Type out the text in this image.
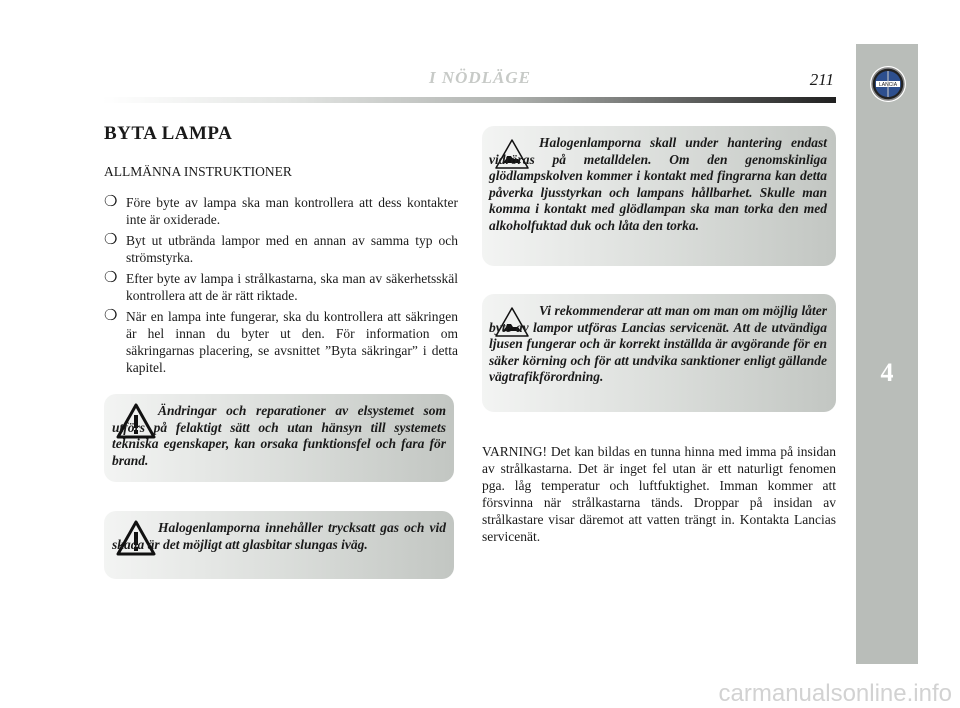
LANCIA
4
I NÖDLÄGE	211
BYTA LAMPA
ALLMÄNNA INSTRUKTIONER
❍ Före byte av lampa ska man kontrollera att dess kontakter inte är oxiderade.
❍ Byt ut utbrända lampor med en annan av samma typ och strömstyrka.
❍ Efter byte av lampa i strålkastarna, ska man av säkerhetsskäl kontrollera att de är rätt riktade.
❍ När en lampa inte fungerar, ska du kontrollera att säkringen är hel innan du byter ut den. För information om säkringarnas placering, se avsnittet ”Byta säkringar” i detta kapitel.
Ändringar och reparationer av elsystemet som utförs på felaktigt sätt och utan hänsyn till systemets tekniska egenskaper, kan orsaka funktionsfel och fara för brand.
Halogenlamporna innehåller trycksatt gas och vid skada är det möjligt att glasbitar slungas iväg.
Halogenlamporna skall under hantering endast vidröras på metalldelen. Om den genomskinliga glödlampskolven kommer i kontakt med fingrarna kan detta påverka ljusstyrkan och lampans hållbarhet. Skulle man komma i kontakt med glödlampan ska man torka den med alkoholfuktad duk och låta den torka.
Vi rekommenderar att man om man om möjlig låter byte av lampor utföras Lancias servicenät. Att de utvändiga ljusen fungerar och är korrekt inställda är avgörande för en säker körning och för att undvika sanktioner enligt gällande vägtrafikförordning.
VARNING! Det kan bildas en tunna hinna med imma på insidan av strålkastarna. Det är inget fel utan är ett naturligt fenomen pga. låg temperatur och luftfuktighet. Imman kommer att försvinna när strålkastarna tänds. Droppar på insidan av strålkastare visar däremot att vatten trängt in. Kontakta Lancias servicenät.
carmanualsonline.info
